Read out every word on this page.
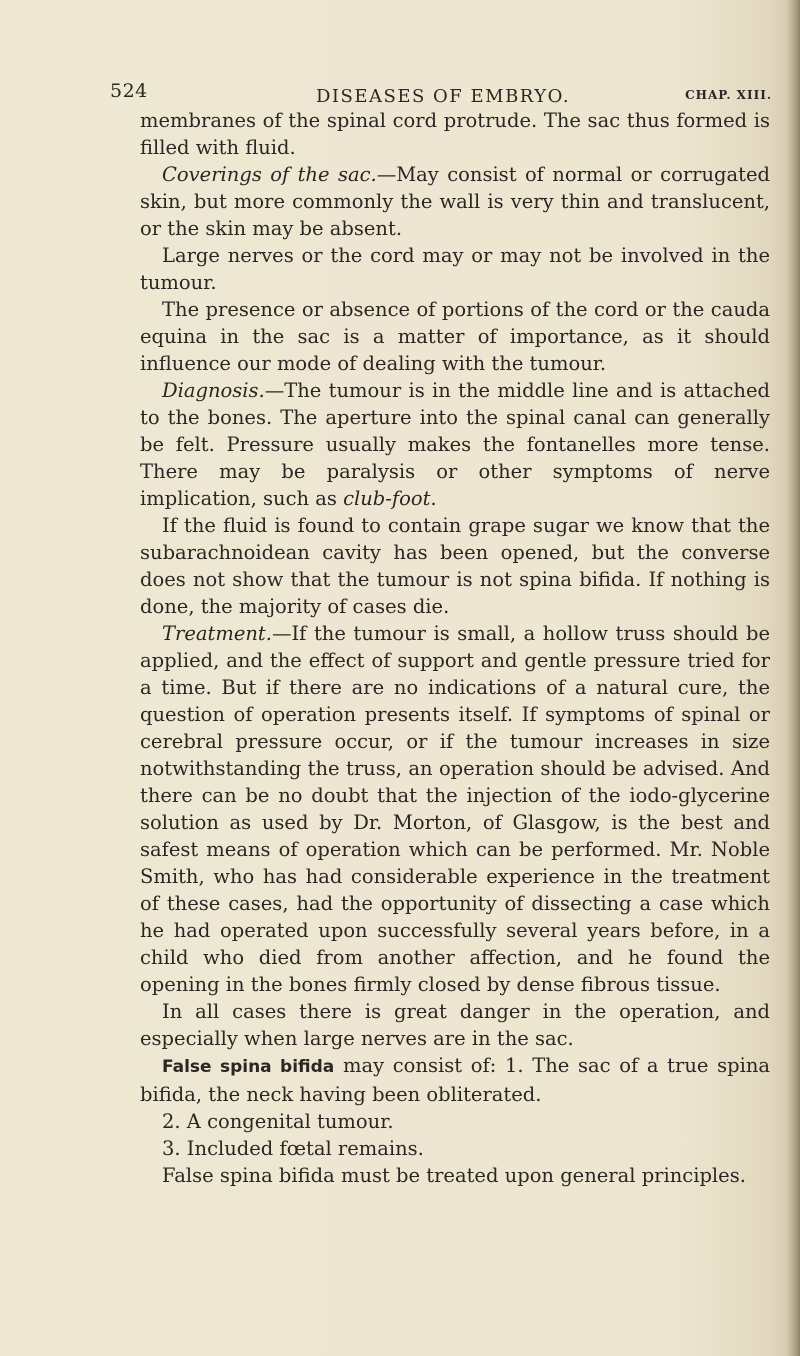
524	DISEASES OF EMBRYO.	CHAP. XIII.

membranes of the spinal cord protrude. The sac thus formed is filled with fluid.

Coverings of the sac.—May consist of normal or corrugated skin, but more commonly the wall is very thin and translucent, or the skin may be absent.

Large nerves or the cord may or may not be involved in the tumour.

The presence or absence of portions of the cord or the cauda equina in the sac is a matter of importance, as it should influence our mode of dealing with the tumour.

Diagnosis.—The tumour is in the middle line and is attached to the bones. The aperture into the spinal canal can generally be felt. Pressure usually makes the fontanelles more tense. There may be paralysis or other symptoms of nerve implication, such as club-foot.

If the fluid is found to contain grape sugar we know that the subarachnoidean cavity has been opened, but the converse does not show that the tumour is not spina bifida. If nothing is done, the majority of cases die.

Treatment.—If the tumour is small, a hollow truss should be applied, and the effect of support and gentle pressure tried for a time. But if there are no indications of a natural cure, the question of operation presents itself. If symptoms of spinal or cerebral pressure occur, or if the tumour increases in size notwithstanding the truss, an operation should be advised. And there can be no doubt that the injection of the iodo-glycerine solution as used by Dr. Morton, of Glasgow, is the best and safest means of operation which can be performed. Mr. Noble Smith, who has had considerable experience in the treatment of these cases, had the opportunity of dissecting a case which he had operated upon successfully several years before, in a child who died from another affection, and he found the opening in the bones firmly closed by dense fibrous tissue.

In all cases there is great danger in the operation, and especially when large nerves are in the sac.

False spina bifida may consist of: 1. The sac of a true spina bifida, the neck having been obliterated.

2. A congenital tumour.

3. Included fœtal remains.

False spina bifida must be treated upon general principles.
